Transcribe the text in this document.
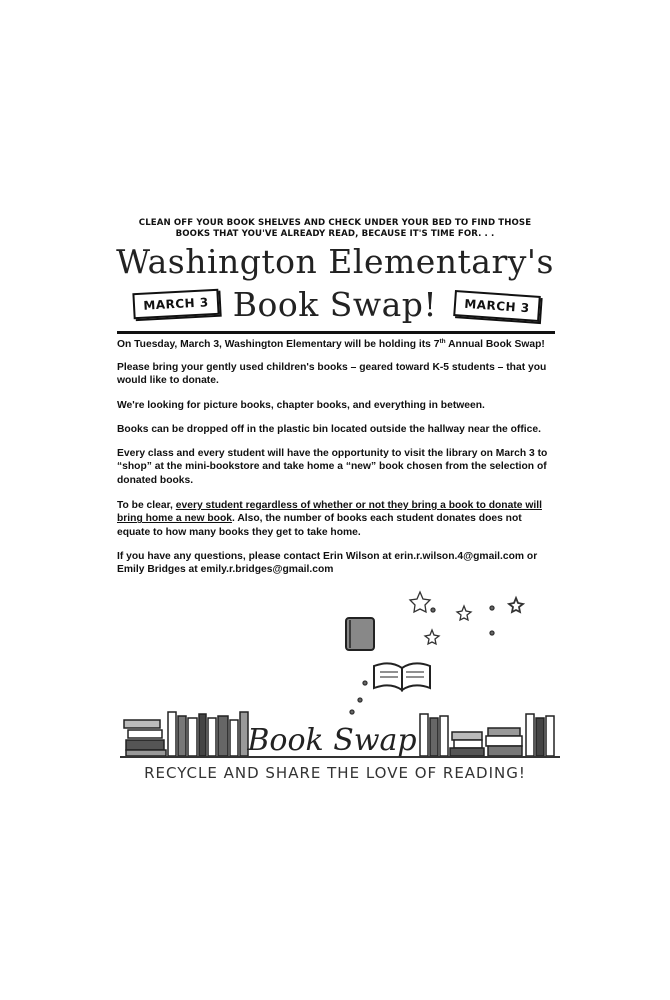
CLEAN OFF YOUR BOOK SHELVES AND CHECK UNDER YOUR BED TO FIND THOSE BOOKS THAT YOU'VE ALREADY READ, BECAUSE IT'S TIME FOR. . .
Washington Elementary's
Book Swap!
MARCH 3	MARCH 3
On Tuesday, March 3, Washington Elementary will be holding its 7th Annual Book Swap!
Please bring your gently used children's books – geared toward K-5 students – that you would like to donate.
We're looking for picture books, chapter books, and everything in between.
Books can be dropped off in the plastic bin located outside the hallway near the office.
Every class and every student will have the opportunity to visit the library on March 3 to “shop” at the mini-bookstore and take home a “new” book chosen from the selection of donated books.
To be clear, every student regardless of whether or not they bring a book to donate will bring home a new book. Also, the number of books each student donates does not equate to how many books they get to take home.
If you have any questions, please contact Erin Wilson at erin.r.wilson.4@gmail.com or Emily Bridges at emily.r.bridges@gmail.com
Book Swap
RECYCLE AND SHARE THE LOVE OF READING!
